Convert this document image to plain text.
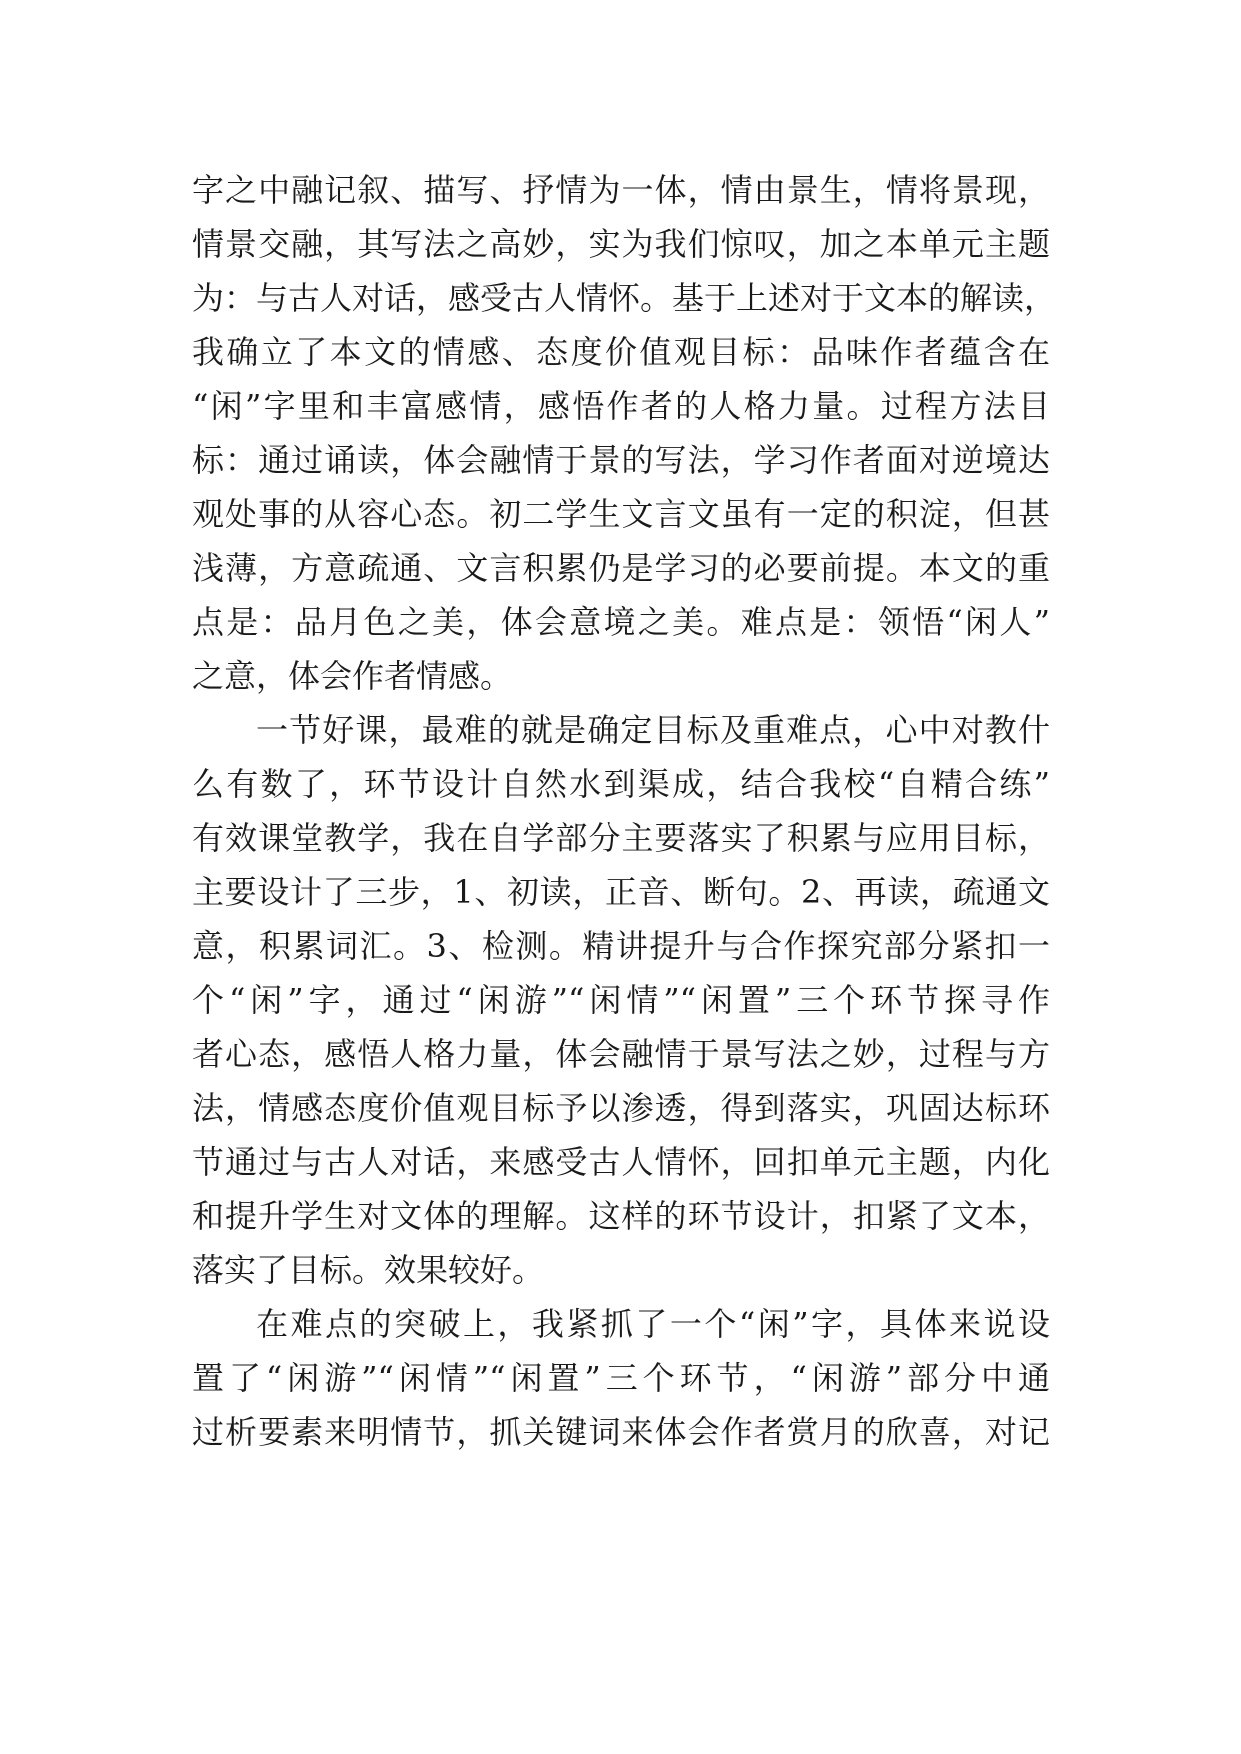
字之中融记叙、描写、抒情为一体，情由景生，情将景现，
情景交融，其写法之高妙，实为我们惊叹，加之本单元主题
为：与古人对话，感受古人情怀。基于上述对于文本的解读，
我确立了本文的情感、态度价值观目标：品味作者蕴含在
“闲”字里和丰富感情，感悟作者的人格力量。过程方法目
标：通过诵读，体会融情于景的写法，学习作者面对逆境达
观处事的从容心态。初二学生文言文虽有一定的积淀，但甚
浅薄，方意疏通、文言积累仍是学习的必要前提。本文的重
点是：品月色之美，体会意境之美。难点是：领悟“闲人”
之意，体会作者情感。
一节好课，最难的就是确定目标及重难点，心中对教什
么有数了，环节设计自然水到渠成，结合我校“自精合练”
有效课堂教学，我在自学部分主要落实了积累与应用目标，
主要设计了三步，1、初读，正音、断句。2、再读，疏通文
意，积累词汇。3、检测。精讲提升与合作探究部分紧扣一
个“闲”字，通过“闲游”“闲情”“闲置”三个环节探寻作
者心态，感悟人格力量，体会融情于景写法之妙，过程与方
法，情感态度价值观目标予以渗透，得到落实，巩固达标环
节通过与古人对话，来感受古人情怀，回扣单元主题，内化
和提升学生对文体的理解。这样的环节设计，扣紧了文本，
落实了目标。效果较好。
在难点的突破上，我紧抓了一个“闲”字，具体来说设
置了“闲游”“闲情”“闲置”三个环节，“闲游”部分中通
过析要素来明情节，抓关键词来体会作者赏月的欣喜，对记
